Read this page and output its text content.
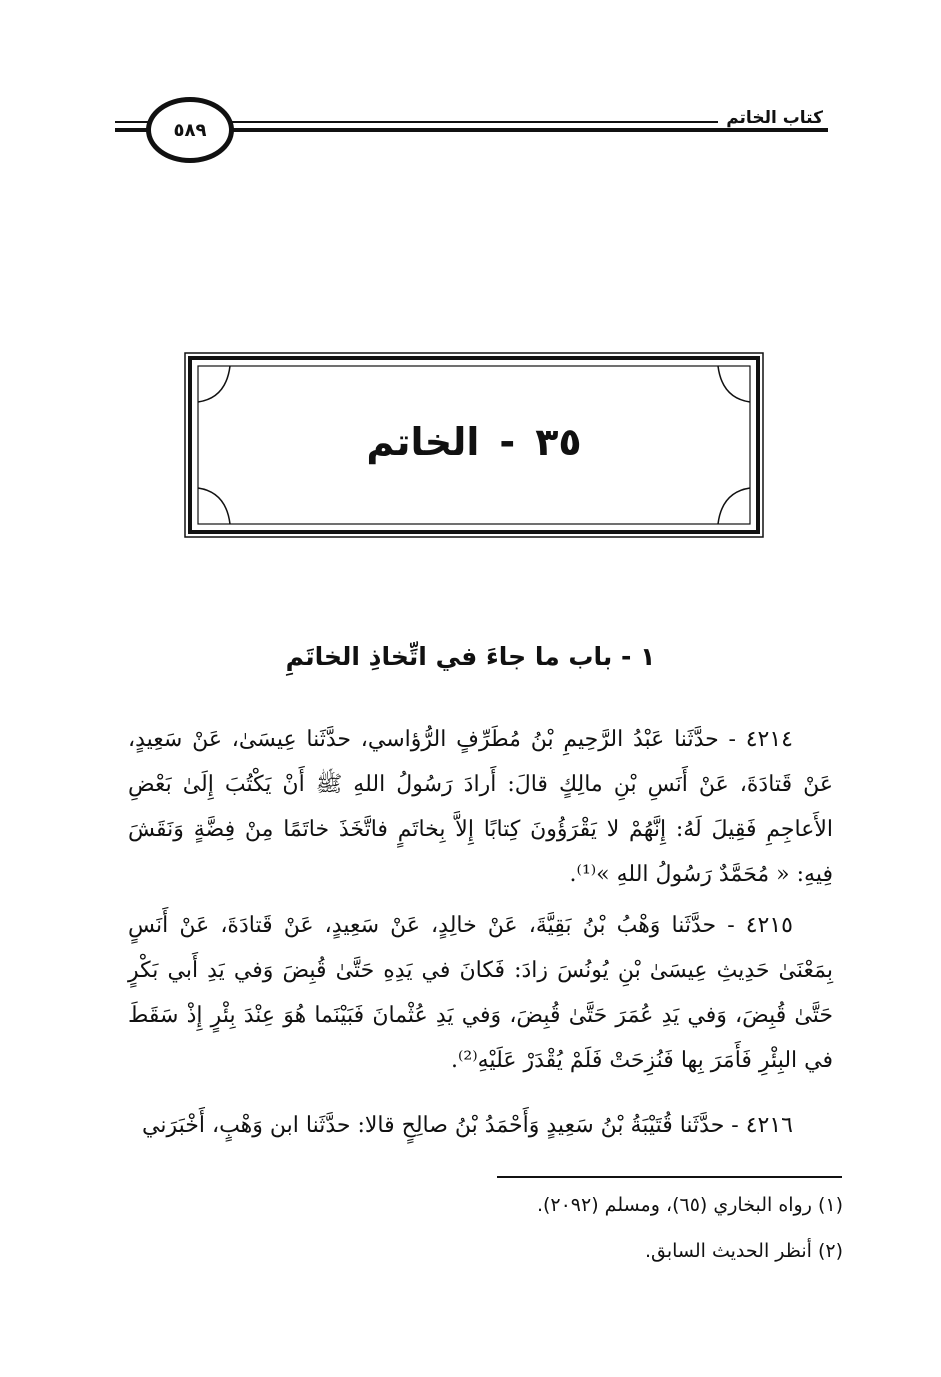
كتاب الخاتم
٥٨٩
٣٥-الخاتم
١ - باب ما جاءَ في اتِّخاذِ الخاتَمِ

٤٢١٤ - حدَّثَنا عَبْدُ الرَّحِيمِ بْنُ مُطَرِّفٍ الرُّؤاسي، حدَّثَنا عِيسَىٰ، عَنْ سَعِيدٍ، عَنْ قَتادَةَ، عَنْ أَنَسِ بْنِ مالِكٍ قالَ: أَرادَ رَسُولُ اللهِ ﷺ أَنْ يَكْتُبَ إِلَىٰ بَعْضِ الأَعاجِمِ فَقِيلَ لَهُ: إِنَّهُمْ لا يَقْرَؤُونَ كِتابًا إِلاَّ بِخاتَمٍ فاتَّخَذَ خاتَمًا مِنْ فِضَّةٍ وَنَقَشَ فِيهِ: « مُحَمَّدٌ رَسُولُ اللهِ »⁽¹⁾.

٤٢١٥ - حدَّثَنا وَهْبُ بْنُ بَقِيَّةَ، عَنْ خالِدٍ، عَنْ سَعِيدٍ، عَنْ قَتادَةَ، عَنْ أَنَسٍ بِمَعْنَىٰ حَدِيثِ عِيسَىٰ بْنِ يُونُسَ زادَ: فَكانَ في يَدِهِ حَتَّىٰ قُبِضَ وَفي يَدِ أَبي بَكْرٍ حَتَّىٰ قُبِضَ، وَفي يَدِ عُمَرَ حَتَّىٰ قُبِضَ، وَفي يَدِ عُثْمانَ فَبَيْنَما هُوَ عِنْدَ بِئْرٍ إِذْ سَقَطَ في البِئْرِ فَأَمَرَ بِها فَنُزِحَتْ فَلَمْ يُقْدَرْ عَلَيْهِ⁽²⁾.

٤٢١٦ - حدَّثَنا قُتَيْبَةُ بْنُ سَعِيدٍ وَأَحْمَدُ بْنُ صالِحٍ قالا: حدَّثَنا ابن وَهْبٍ، أَخْبَرَني

(١) رواه البخاري (٦٥)، ومسلم (٢٠٩٢).
(٢) أنظر الحديث السابق.
